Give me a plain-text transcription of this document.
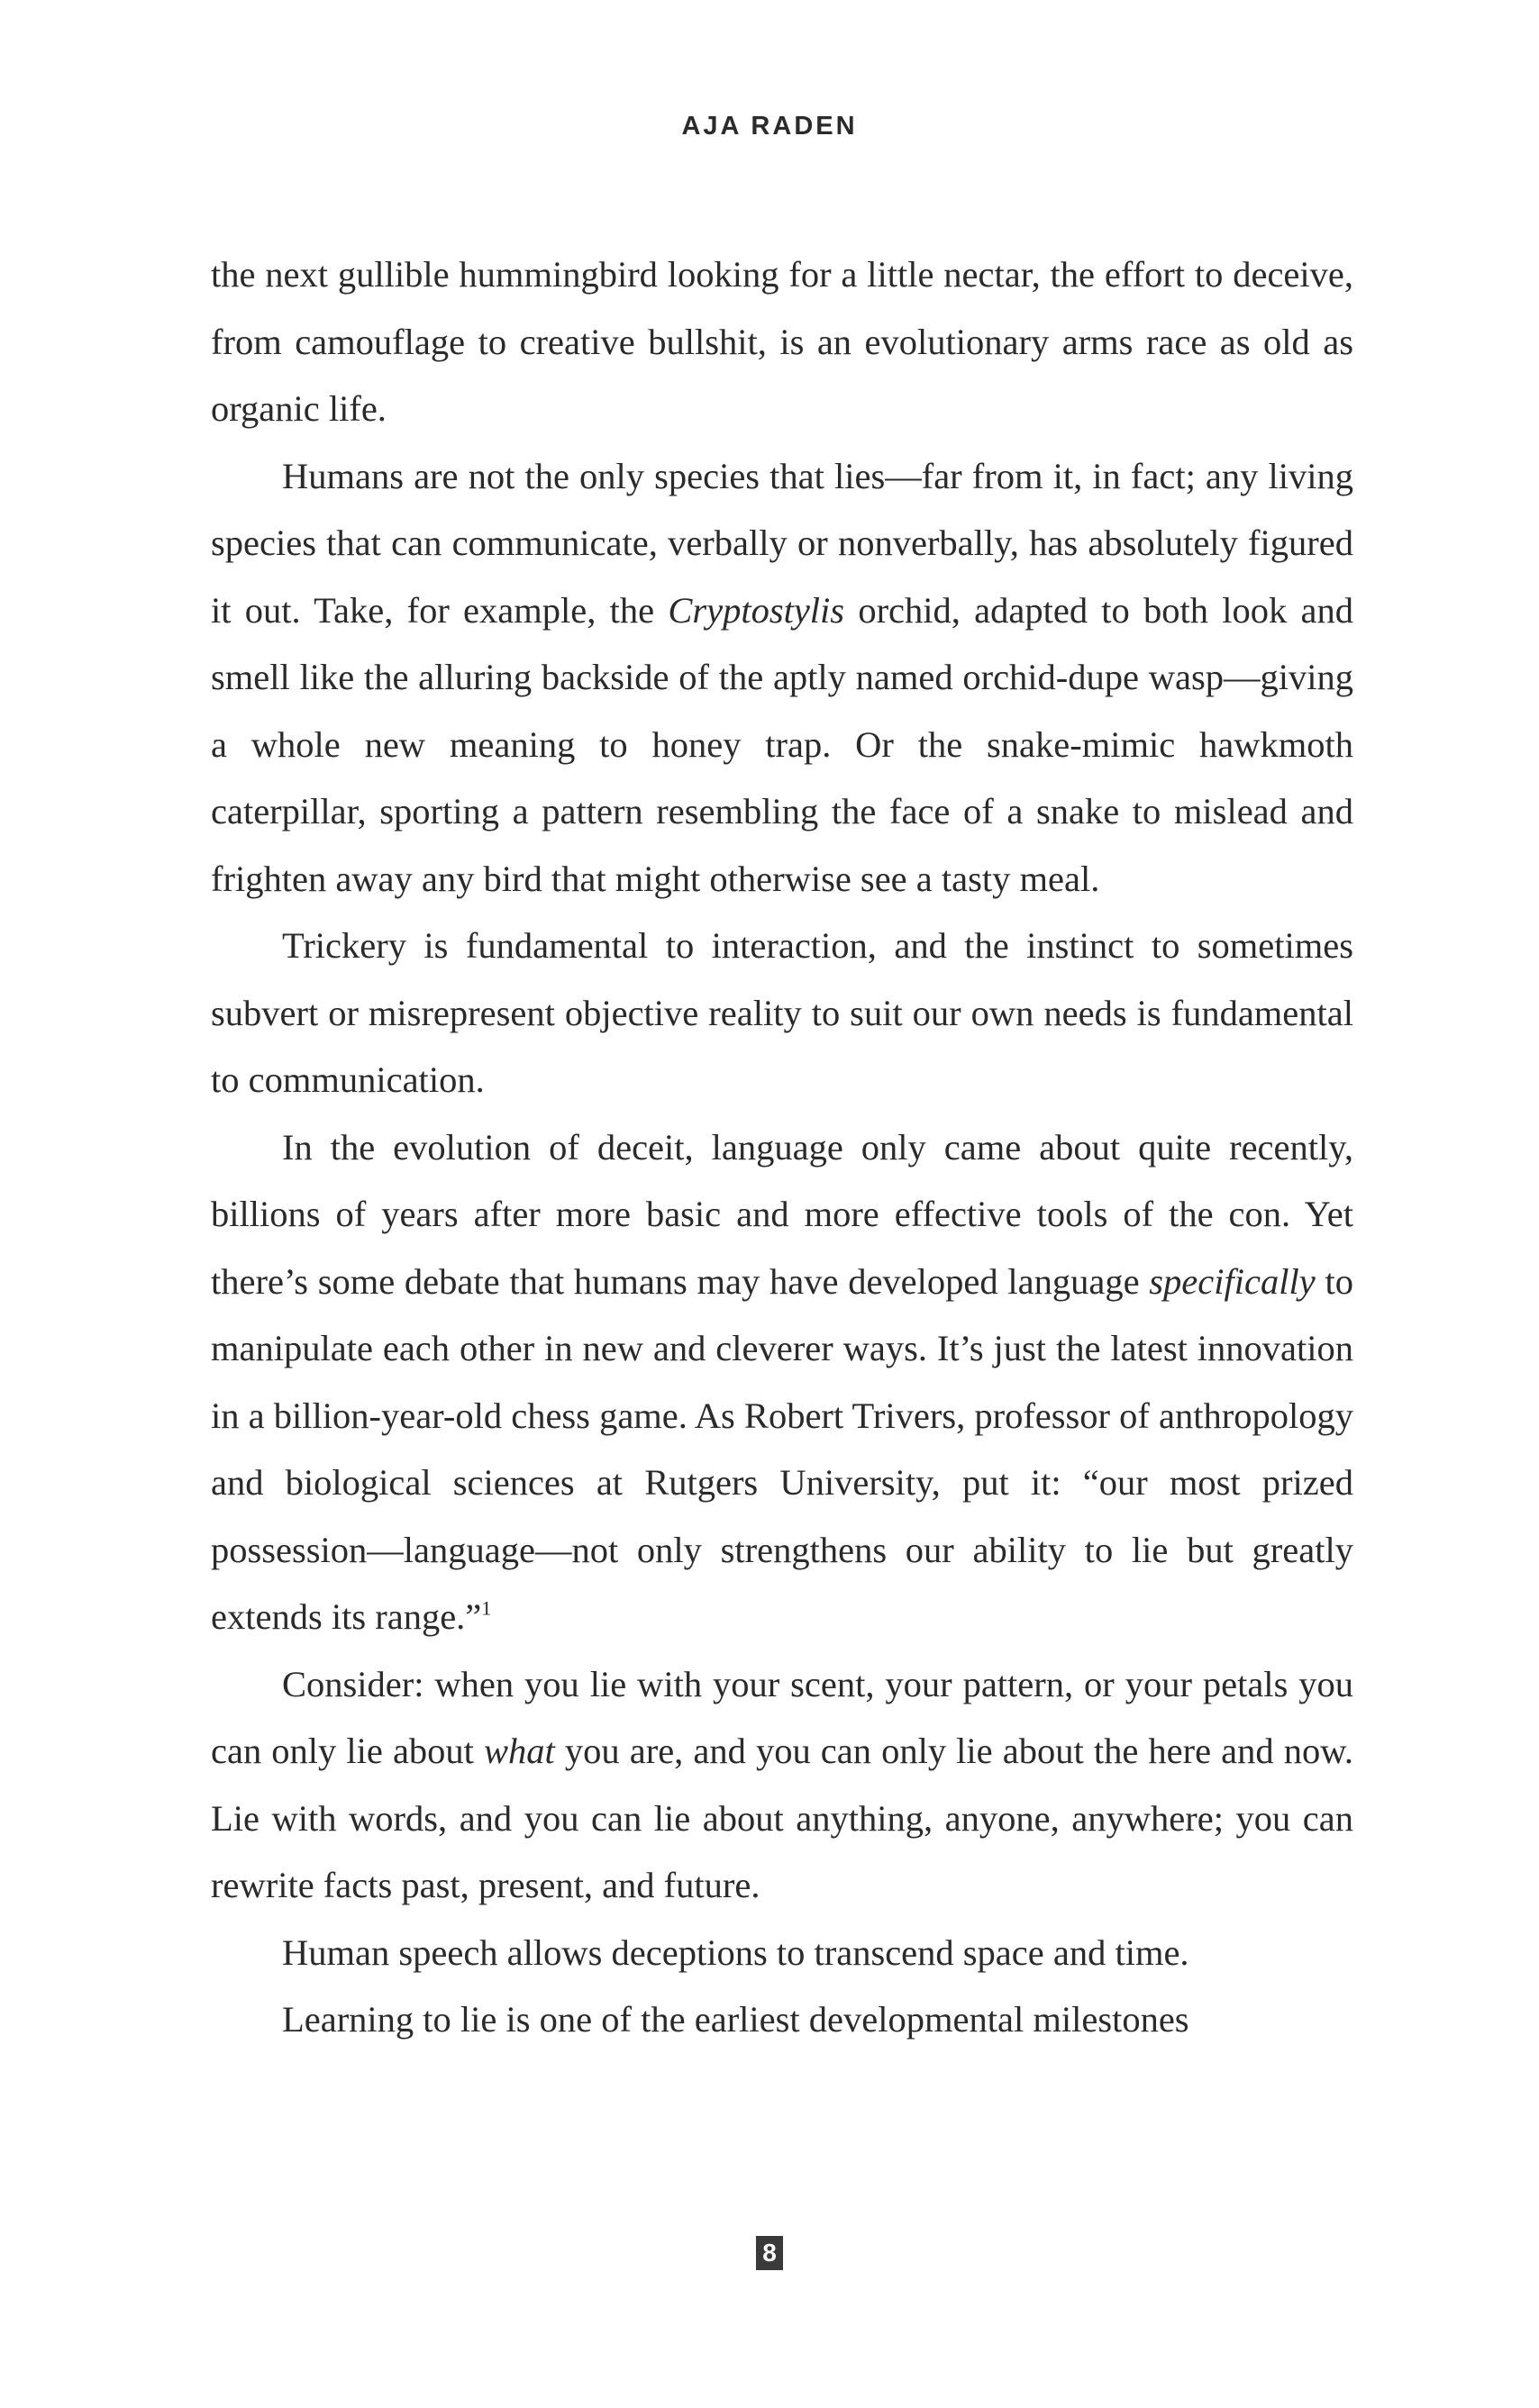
AJA RADEN

the next gullible hummingbird looking for a little nectar, the effort to deceive, from camouflage to creative bullshit, is an evolutionary arms race as old as organic life.

Humans are not the only species that lies—far from it, in fact; any living species that can communicate, verbally or nonverbally, has absolutely figured it out. Take, for example, the Cryptostylis orchid, adapted to both look and smell like the alluring backside of the aptly named orchid-dupe wasp—giving a whole new meaning to honey trap. Or the snake-mimic hawkmoth caterpillar, sporting a pattern resembling the face of a snake to mislead and frighten away any bird that might otherwise see a tasty meal.

Trickery is fundamental to interaction, and the instinct to sometimes subvert or misrepresent objective reality to suit our own needs is fundamental to communication.

In the evolution of deceit, language only came about quite recently, billions of years after more basic and more effective tools of the con. Yet there’s some debate that humans may have developed language specifically to manipulate each other in new and cleverer ways. It’s just the latest innovation in a billion-year-old chess game. As Robert Trivers, professor of anthropology and biological sciences at Rutgers University, put it: “our most prized possession—language—not only strengthens our ability to lie but greatly extends its range.”$^1$

Consider: when you lie with your scent, your pattern, or your petals you can only lie about what you are, and you can only lie about the here and now. Lie with words, and you can lie about anything, anyone, anywhere; you can rewrite facts past, present, and future.

Human speech allows deceptions to transcend space and time.

Learning to lie is one of the earliest developmental milestones

8
